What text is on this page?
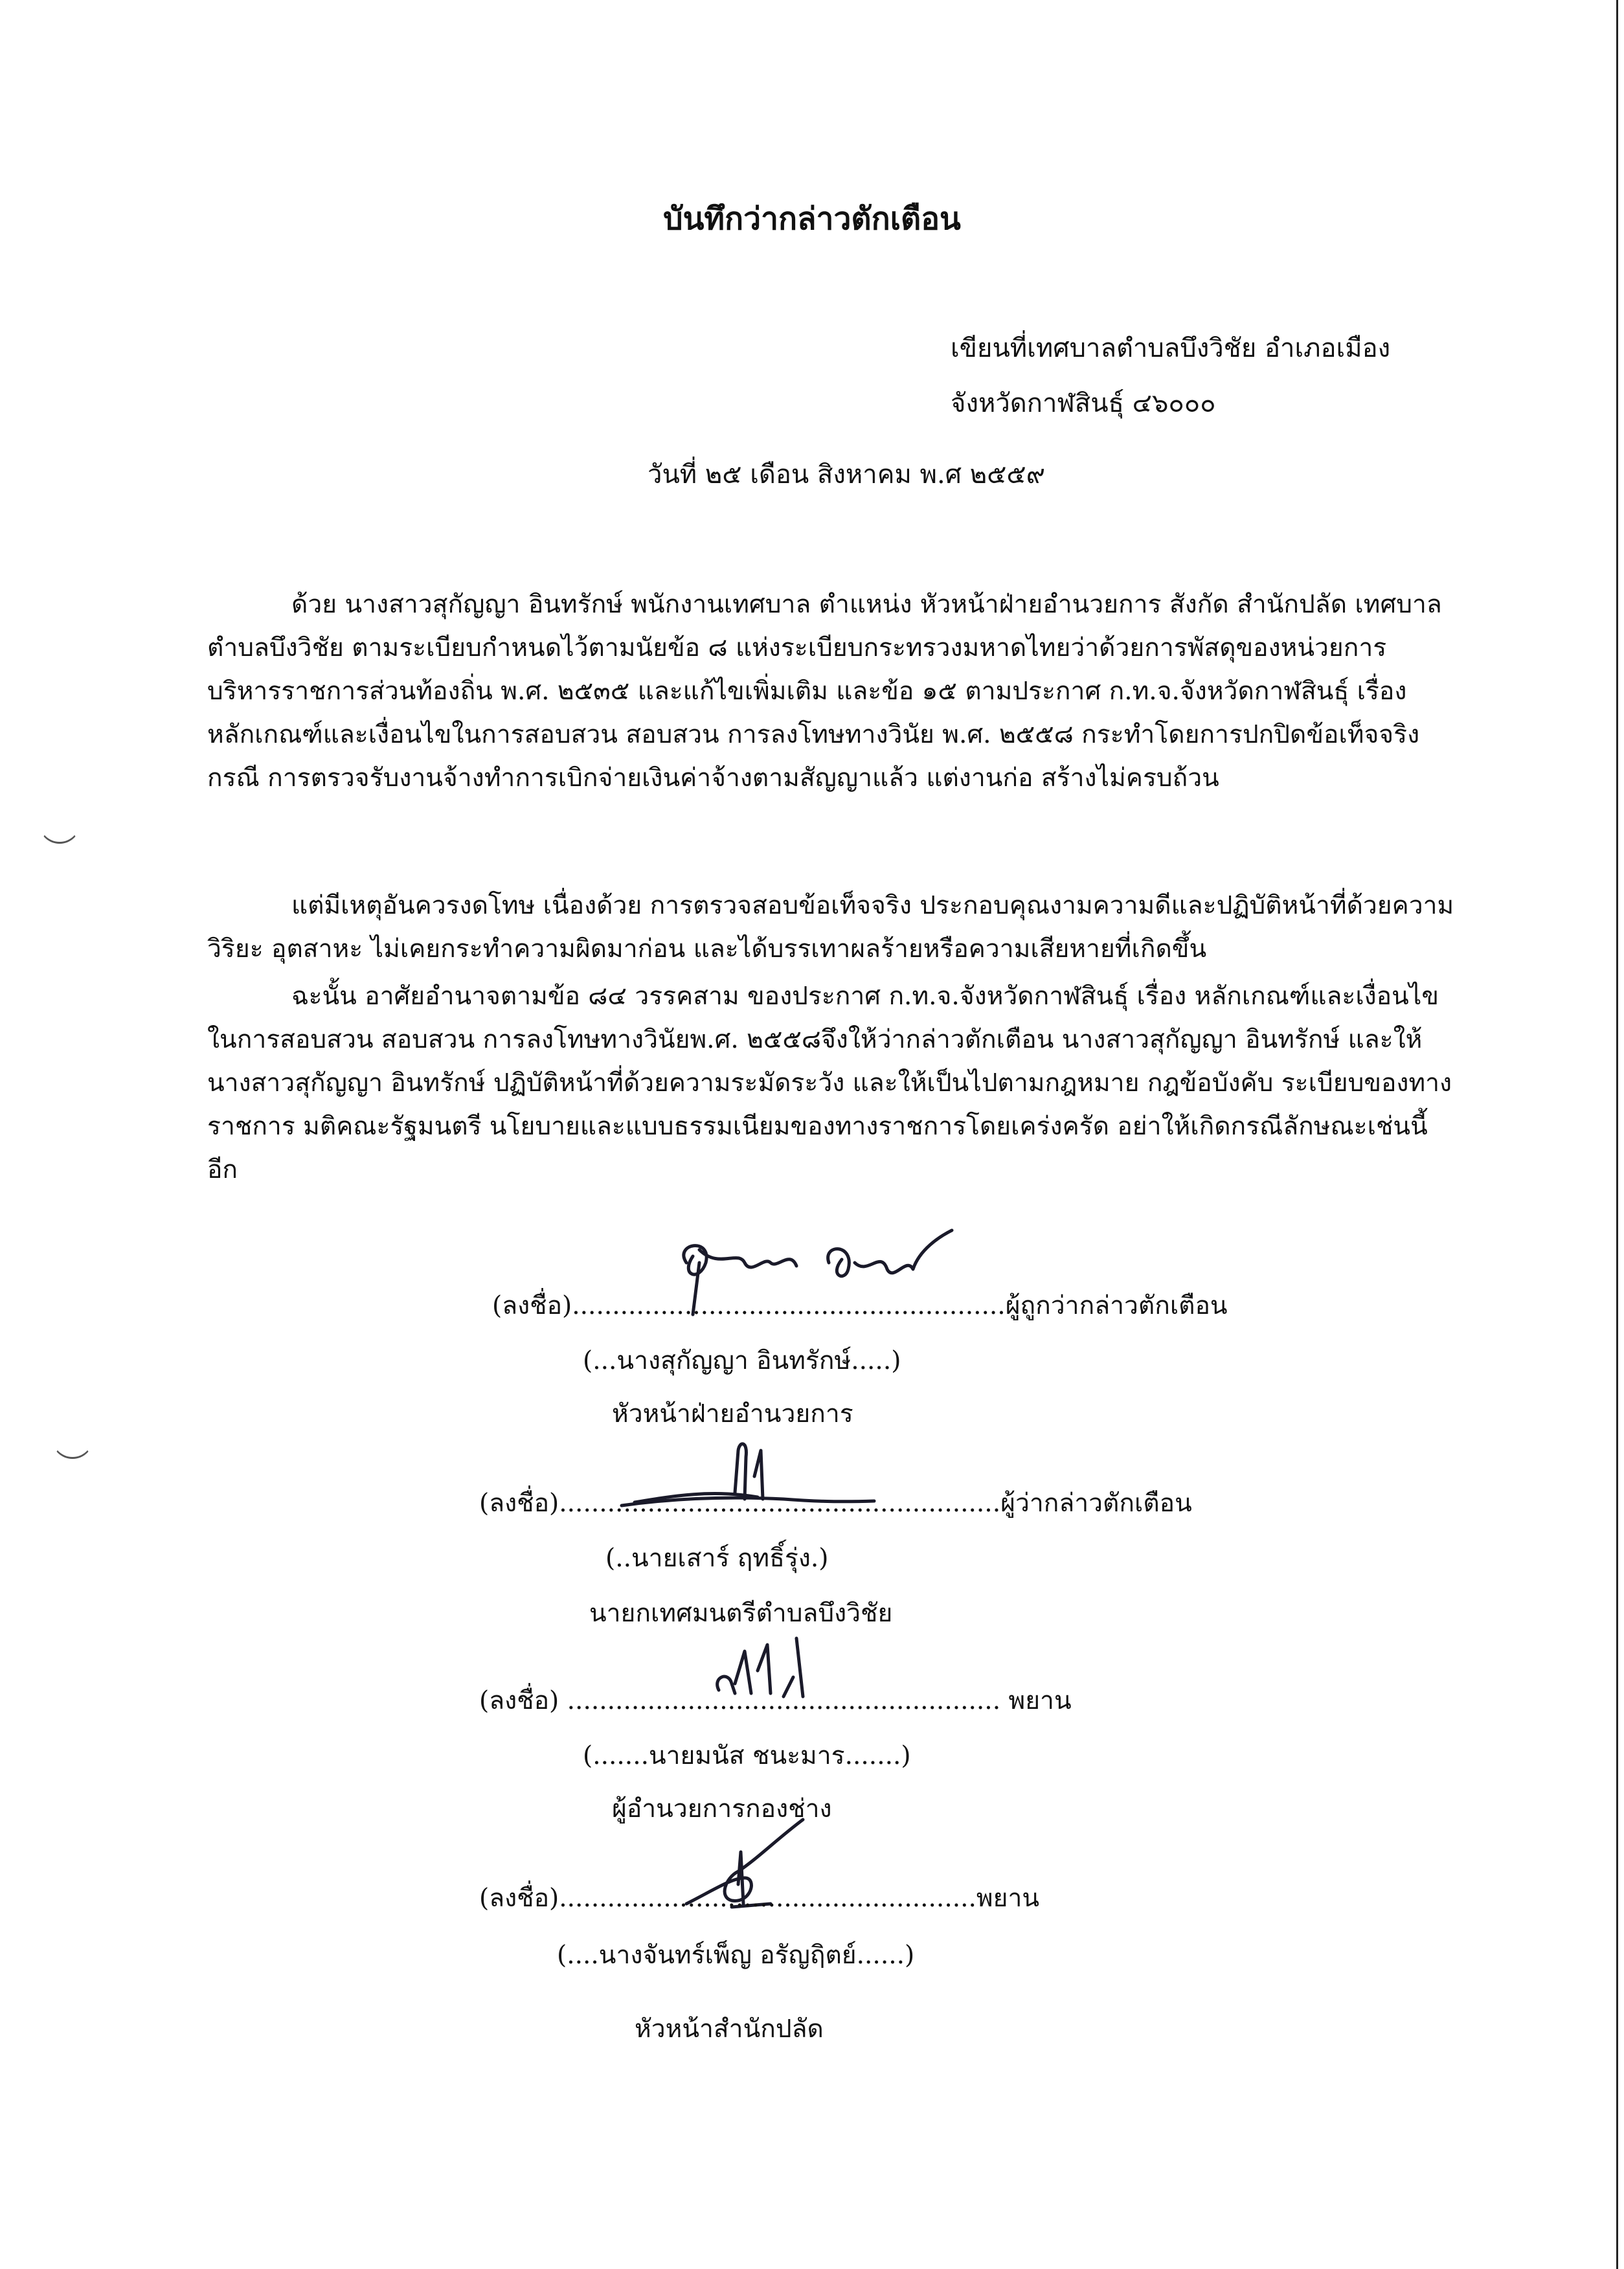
บันทึกว่ากล่าวตักเตือน
เขียนที่เทศบาลตำบลบึงวิชัย อำเภอเมือง
จังหวัดกาฬสินธุ์ ๔๖๐๐๐
วันที่ ๒๕ เดือน สิงหาคม พ.ศ ๒๕๕๙
ด้วย นางสาวสุกัญญา อินทรักษ์ พนักงานเทศบาล ตำแหน่ง หัวหน้าฝ่ายอำนวยการ สังกัด สำนักปลัด เทศบาลตำบลบึงวิชัย ตามระเบียบกำหนดไว้ตามนัยข้อ ๘ แห่งระเบียบกระทรวงมหาดไทยว่าด้วยการพัสดุของหน่วยการบริหารราชการส่วนท้องถิ่น พ.ศ. ๒๕๓๕ และแก้ไขเพิ่มเติม และข้อ ๑๕ ตามประกาศ ก.ท.จ.จังหวัดกาฬสินธุ์ เรื่อง หลักเกณฑ์และเงื่อนไขในการสอบสวน สอบสวน การลงโทษทางวินัย พ.ศ. ๒๕๕๘ กระทำโดยการปกปิดข้อเท็จจริง กรณี การตรวจรับงานจ้างทำการเบิกจ่ายเงินค่าจ้างตามสัญญาแล้ว แต่งานก่อ สร้างไม่ครบถ้วน
แต่มีเหตุอันควรงดโทษ เนื่องด้วย การตรวจสอบข้อเท็จจริง ประกอบคุณงามความดีและปฏิบัติหน้าที่ด้วยความวิริยะ อุตสาหะ ไม่เคยกระทำความผิดมาก่อน และได้บรรเทาผลร้ายหรือความเสียหายที่เกิดขึ้น
ฉะนั้น อาศัยอำนาจตามข้อ ๘๔ วรรคสาม ของประกาศ ก.ท.จ.จังหวัดกาฬสินธุ์ เรื่อง หลักเกณฑ์และเงื่อนไขในการสอบสวน สอบสวน การลงโทษทางวินัยพ.ศ. ๒๕๕๘จึงให้ว่ากล่าวตักเตือน นางสาวสุกัญญา อินทรักษ์ และให้ นางสาวสุกัญญา อินทรักษ์ ปฏิบัติหน้าที่ด้วยความระมัดระวัง และให้เป็นไปตามกฎหมาย กฎข้อบังคับ ระเบียบของทางราชการ มติคณะรัฐมนตรี นโยบายและแบบธรรมเนียมของทางราชการโดยเคร่งครัด อย่าให้เกิดกรณีลักษณะเช่นนี้อีก
(ลงชื่อ)......................................................ผู้ถูกว่ากล่าวตักเตือน
(...นางสุกัญญา อินทรักษ์.....)
หัวหน้าฝ่ายอำนวยการ
(ลงชื่อ).......................................................ผู้ว่ากล่าวตักเตือน
(..นายเสาร์ ฤทธิ์รุ่ง.)
นายกเทศมนตรีตำบลบึงวิชัย
(ลงชื่อ) ...................................................... พยาน
(.......นายมนัส ชนะมาร.......)
ผู้อำนวยการกองช่าง
(ลงชื่อ)....................................................พยาน
(....นางจันทร์เพ็ญ อรัญฤิตย์......)
หัวหน้าสำนักปลัด
